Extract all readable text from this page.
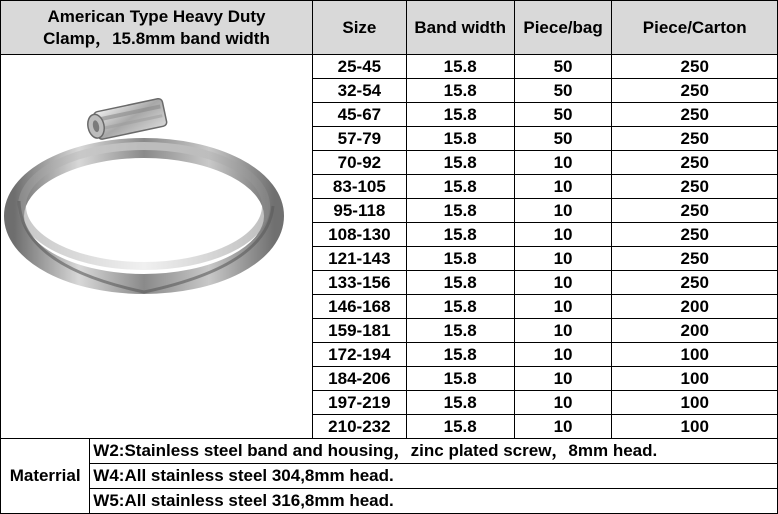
American Type Heavy Duty
Clamp，15.8mm band width		Size	Band width	Piece/bag	Piece/Carton

	25-45	15.8	50	250
		32-54	15.8	50	250
		45-67	15.8	50	250
		57-79	15.8	50	250
		70-92	15.8	10	250
		83-105	15.8	10	250
		95-118	15.8	10	250
		108-130	15.8	10	250
		121-143	15.8	10	250
		133-156	15.8	10	250
		146-168	15.8	10	200
		159-181	15.8	10	200
		172-194	15.8	10	100
		184-206	15.8	10	100
		197-219	15.8	10	100
		210-232	15.8	10	100
Materrial	W2:Stainless steel band and housing，zinc plated screw，8mm head.				
	W4:All stainless steel 304,8mm head.				
	W5:All stainless steel 316,8mm head.				
